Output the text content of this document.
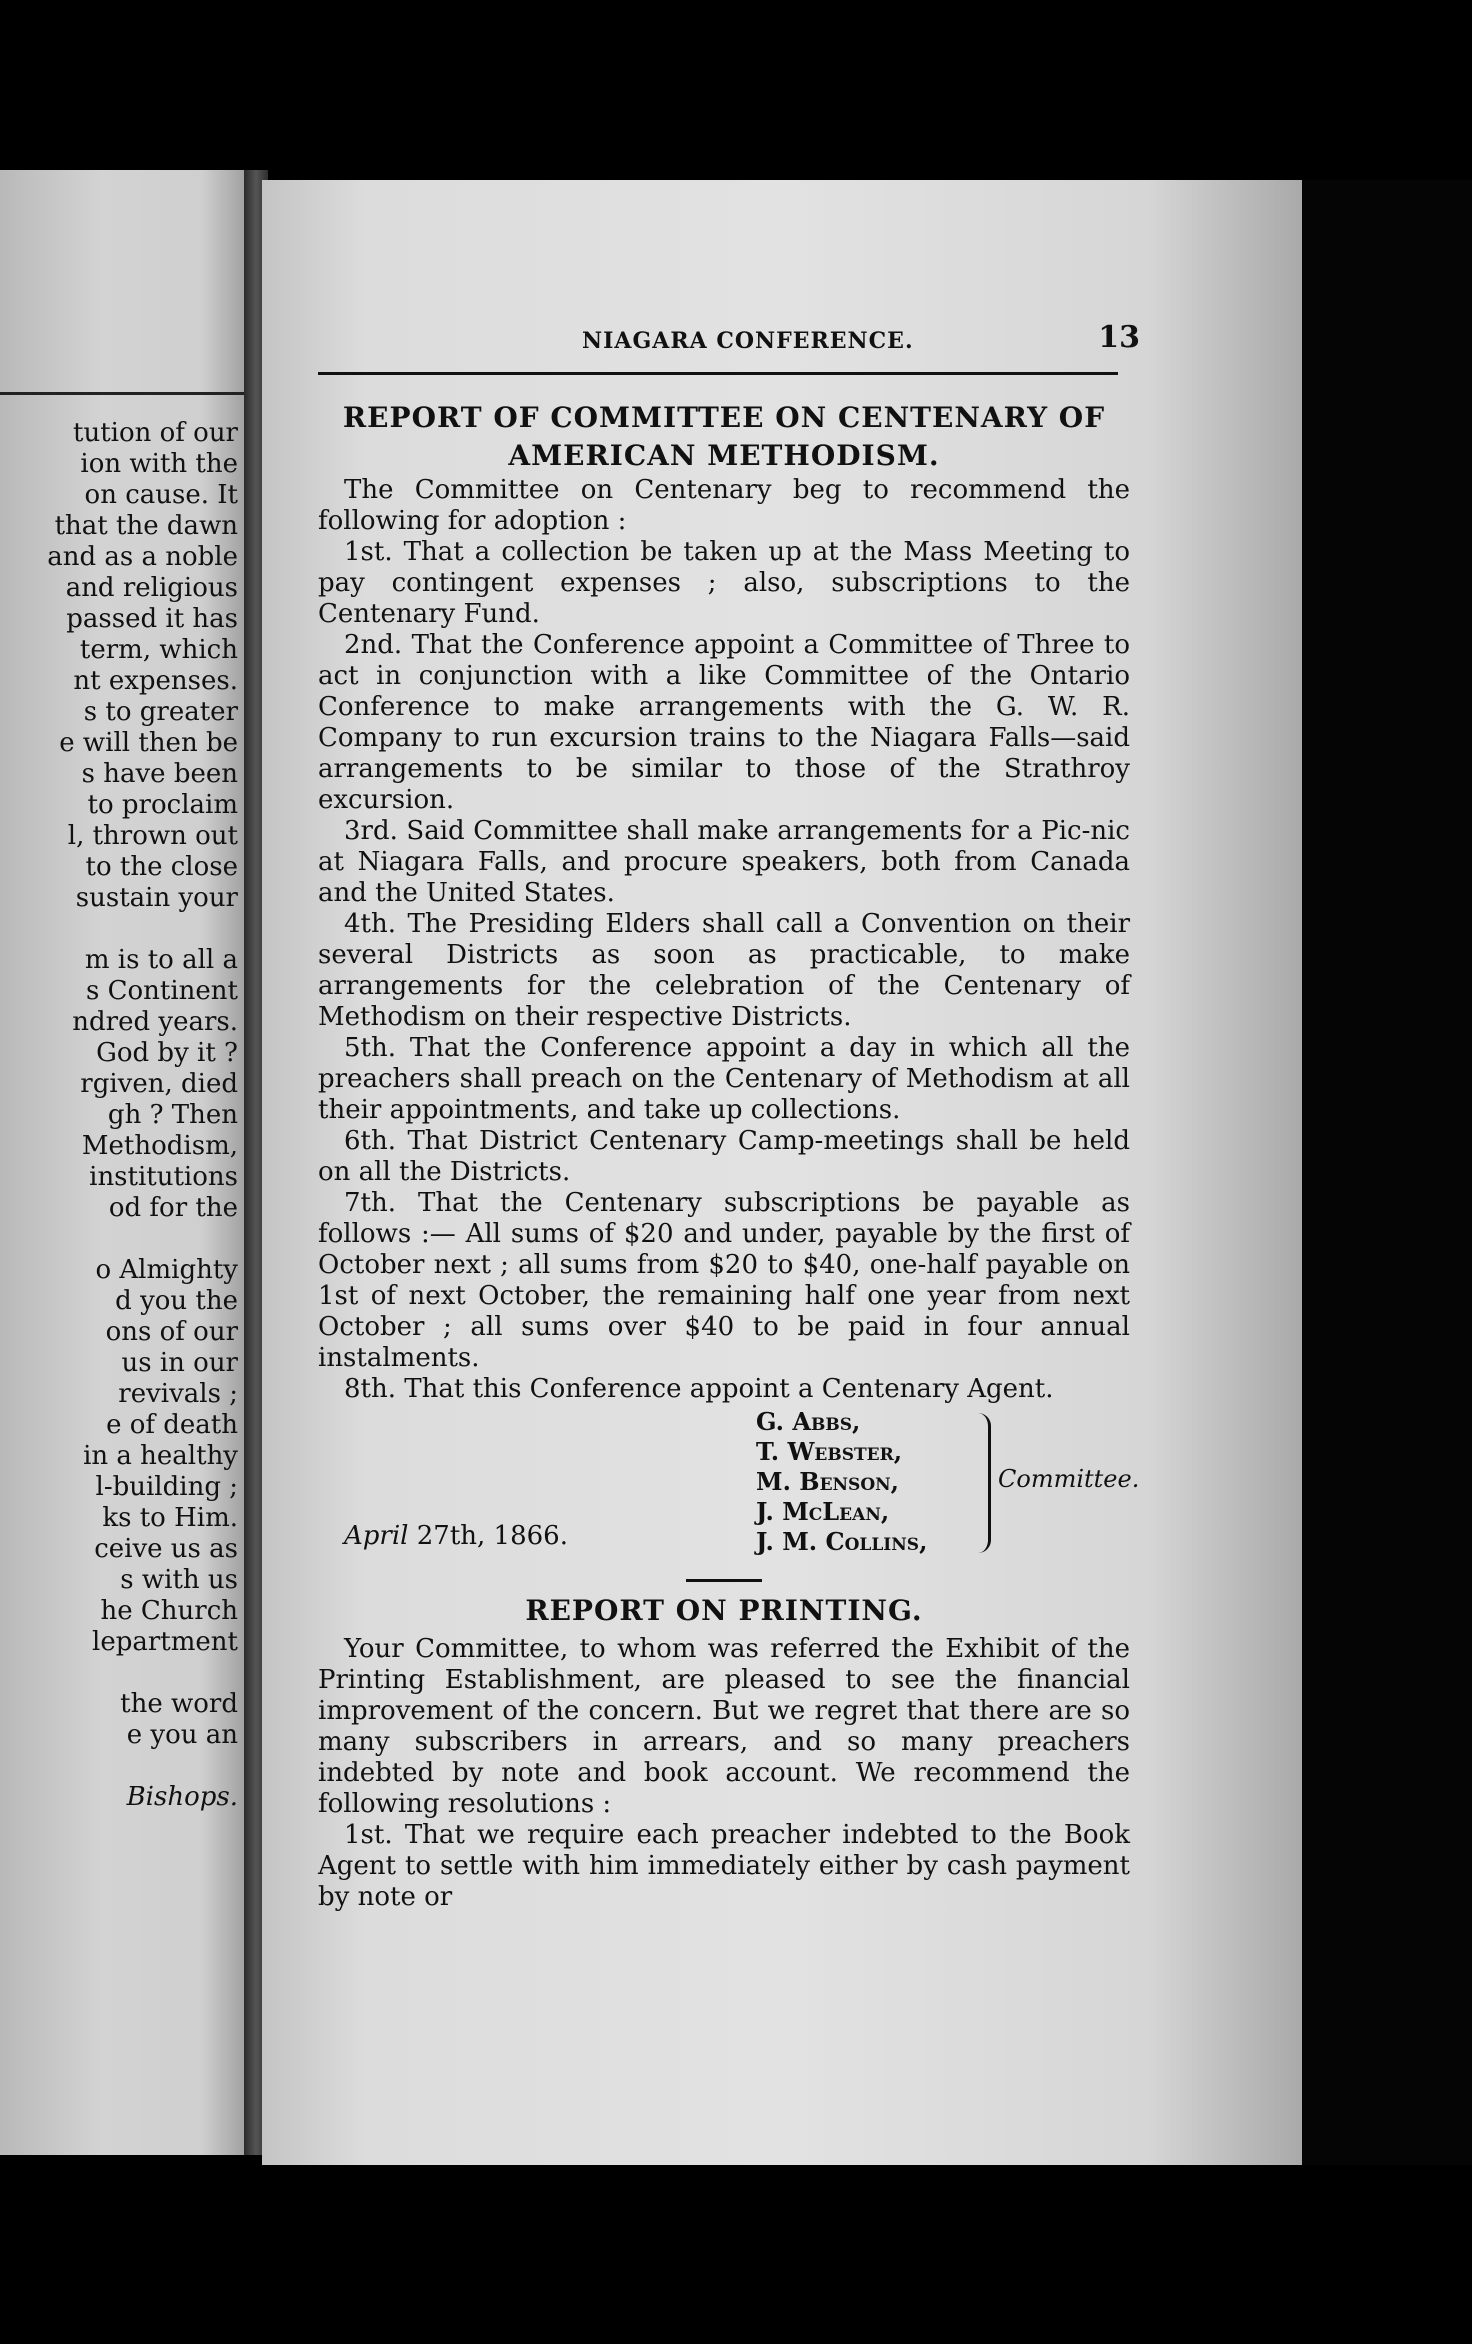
tution of our
ion with the
on cause. It
that the dawn
and as a noble
and religious
passed it has
term, which
nt expenses.
s to greater
e will then be
s have been
to proclaim
l, thrown out
to the close
sustain your
m is to all a
s Continent
ndred years.
God by it ?
rgiven, died
gh ? Then
Methodism,
institutions
od for the
o Almighty
d you the
ons of our
us in our
revivals ;
e of death
in a healthy
l-building ;
ks to Him.
ceive us as
s with us
he Church
lepartment
the word
e you an
Bishops.
NIAGARA CONFERENCE.	13
REPORT OF COMMITTEE ON CENTENARY OF
AMERICAN METHODISM.

The Committee on Centenary beg to recommend the following for adoption :

1st. That a collection be taken up at the Mass Meeting to pay contingent expenses ; also, subscriptions to the Centenary Fund.

2nd. That the Conference appoint a Committee of Three to act in conjunction with a like Committee of the Ontario Conference to make arrangements with the G. W. R. Company to run excursion trains to the Niagara Falls—said arrangements to be similar to those of the Strathroy excursion.

3rd. Said Committee shall make arrangements for a Pic-nic at Niagara Falls, and procure speakers, both from Canada and the United States.

4th. The Presiding Elders shall call a Convention on their several Districts as soon as practicable, to make arrangements for the celebration of the Centenary of Methodism on their respective Districts.

5th. That the Conference appoint a day in which all the preachers shall preach on the Centenary of Methodism at all their appointments, and take up collections.

6th. That District Centenary Camp-meetings shall be held on all the Districts.

7th. That the Centenary subscriptions be payable as follows :— All sums of $20 and under, payable by the first of October next ; all sums from $20 to $40, one-half payable on 1st of next October, the remaining half one year from next October ; all sums over $40 to be paid in four annual instalments.

8th. That this Conference appoint a Centenary Agent.

G. Abbs,
T. Webster,
M. Benson,
J. McLean,
J. M. Collins,
Committee.
April 27th, 1866.
REPORT ON PRINTING.

Your Committee, to whom was referred the Exhibit of the Printing Establishment, are pleased to see the financial improvement of the concern. But we regret that there are so many subscribers in arrears, and so many preachers indebted by note and book account. We recommend the following resolutions :

1st. That we require each preacher indebted to the Book Agent to settle with him immediately either by cash payment by note or
